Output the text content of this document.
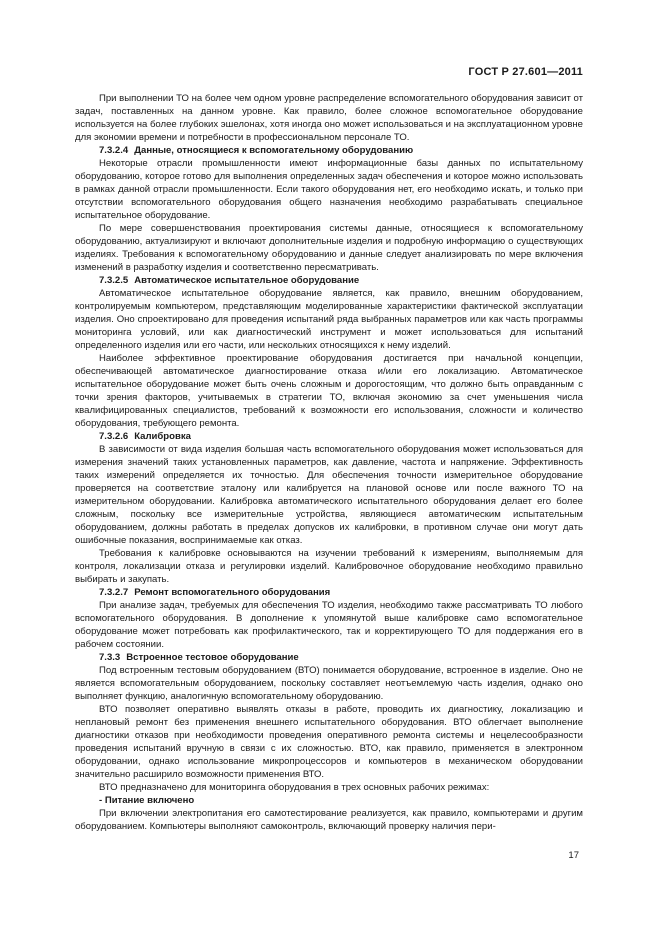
ГОСТ Р 27.601—2011

При выполнении ТО на более чем одном уровне распределение вспомогательного оборудования зависит от задач, поставленных на данном уровне. Как правило, более сложное вспомогательное оборудование используется на более глубоких эшелонах, хотя иногда оно может использоваться и на эксплуатационном уровне для экономии времени и потребности в профессиональном персонале ТО.

7.3.2.4 Данные, относящиеся к вспомогательному оборудованию

Некоторые отрасли промышленности имеют информационные базы данных по испытательному оборудованию, которое готово для выполнения определенных задач обеспечения и которое можно использовать в рамках данной отрасли промышленности. Если такого оборудования нет, его необходимо искать, и только при отсутствии вспомогательного оборудования общего назначения необходимо разрабатывать специальное испытательное оборудование.

По мере совершенствования проектирования системы данные, относящиеся к вспомогательному оборудованию, актуализируют и включают дополнительные изделия и подробную информацию о существующих изделиях. Требования к вспомогательному оборудованию и данные следует анализировать по мере включения изменений в разработку изделия и соответственно пересматривать.

7.3.2.5 Автоматическое испытательное оборудование

Автоматическое испытательное оборудование является, как правило, внешним оборудованием, контролируемым компьютером, представляющим моделированные характеристики фактической эксплуатации изделия. Оно спроектировано для проведения испытаний ряда выбранных параметров или как часть программы мониторинга условий, или как диагностический инструмент и может использоваться для испытаний определенного изделия или его части, или нескольких относящихся к нему изделий.

Наиболее эффективное проектирование оборудования достигается при начальной концепции, обеспечивающей автоматическое диагностирование отказа и/или его локализацию. Автоматическое испытательное оборудование может быть очень сложным и дорогостоящим, что должно быть оправданным с точки зрения факторов, учитываемых в стратегии ТО, включая экономию за счет уменьшения числа квалифицированных специалистов, требований к возможности его использования, сложности и количество оборудования, требующего ремонта.

7.3.2.6 Калибровка

В зависимости от вида изделия большая часть вспомогательного оборудования может использоваться для измерения значений таких установленных параметров, как давление, частота и напряжение. Эффективность таких измерений определяется их точностью. Для обеспечения точности измерительное оборудование проверяется на соответствие эталону или калибруется на плановой основе или после важного ТО на измерительном оборудовании. Калибровка автоматического испытательного оборудования делает его более сложным, поскольку все измерительные устройства, являющиеся автоматическим испытательным оборудованием, должны работать в пределах допусков их калибровки, в противном случае они могут дать ошибочные показания, воспринимаемые как отказ.

Требования к калибровке основываются на изучении требований к измерениям, выполняемым для контроля, локализации отказа и регулировки изделий. Калибровочное оборудование необходимо правильно выбирать и закупать.

7.3.2.7 Ремонт вспомогательного оборудования

При анализе задач, требуемых для обеспечения ТО изделия, необходимо также рассматривать ТО любого вспомогательного оборудования. В дополнение к упомянутой выше калибровке само вспомогательное оборудование может потребовать как профилактического, так и корректирующего ТО для поддержания его в рабочем состоянии.

7.3.3 Встроенное тестовое оборудование

Под встроенным тестовым оборудованием (ВТО) понимается оборудование, встроенное в изделие. Оно не является вспомогательным оборудованием, поскольку составляет неотъемлемую часть изделия, однако оно выполняет функцию, аналогичную вспомогательному оборудованию.

ВТО позволяет оперативно выявлять отказы в работе, проводить их диагностику, локализацию и неплановый ремонт без применения внешнего испытательного оборудования. ВТО облегчает выполнение диагностики отказов при необходимости проведения оперативного ремонта системы и нецелесообразности проведения испытаний вручную в связи с их сложностью. ВТО, как правило, применяется в электронном оборудовании, однако использование микропроцессоров и компьютеров в механическом оборудовании значительно расширило возможности применения ВТО.

ВТО предназначено для мониторинга оборудования в трех основных рабочих режимах:

- Питание включено

При включении электропитания его самотестирование реализуется, как правило, компьютерами и другим оборудованием. Компьютеры выполняют самоконтроль, включающий проверку наличия пери-

17
